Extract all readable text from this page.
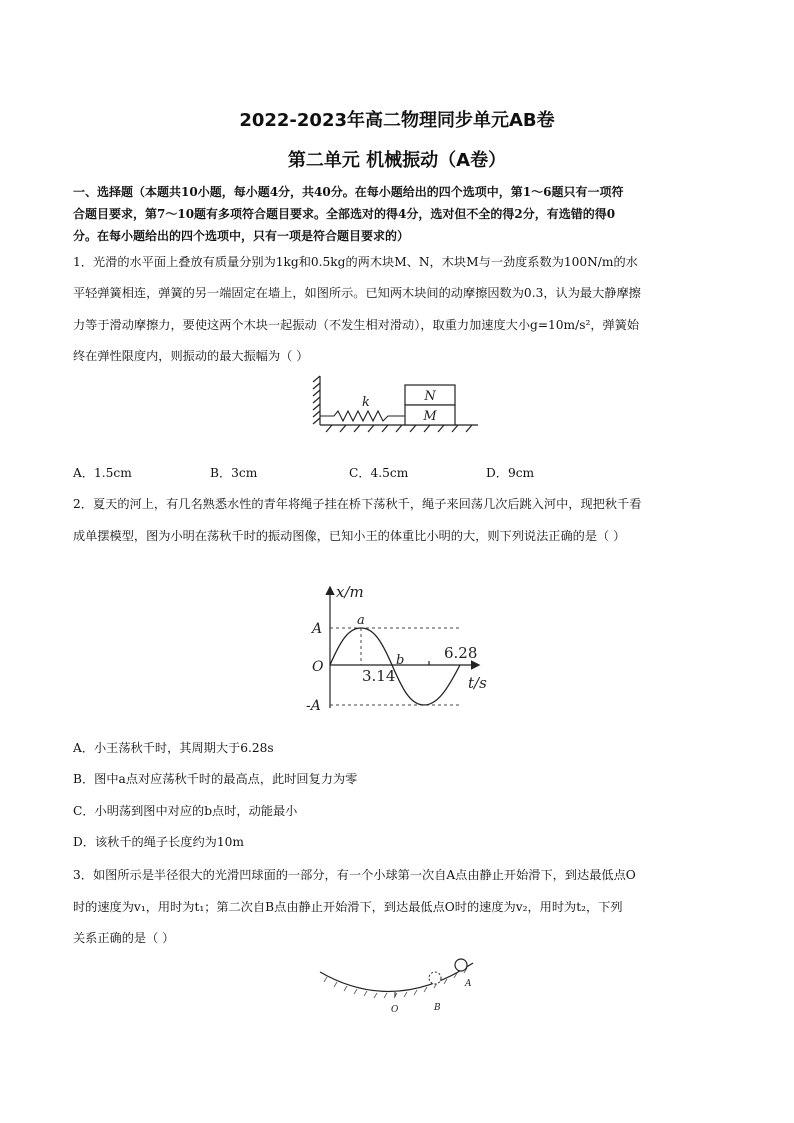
2022-2023年高二物理同步单元AB卷
第二单元 机械振动（A卷）
一、选择题（本题共10小题，每小题4分，共40分。在每小题给出的四个选项中，第1～6题只有一项符
合题目要求，第7～10题有多项符合题目要求。全部选对的得4分，选对但不全的得2分，有选错的得0
分。在每小题给出的四个选项中，只有一项是符合题目要求的）
1．光滑的水平面上叠放有质量分别为1kg和0.5kg的两木块M、N，木块M与一劲度系数为100N/m的水
平轻弹簧相连，弹簧的另一端固定在墙上，如图所示。已知两木块间的动摩擦因数为0.3，认为最大静摩擦
力等于滑动摩擦力，要使这两个木块一起振动（不发生相对滑动），取重力加速度大小g=10m/s²，弹簧始
终在弹性限度内，则振动的最大振幅为（ ）
k	N
M
A．1.5cm	B．3cm	C．4.5cm	D．9cm
2．夏天的河上，有几名熟悉水性的青年将绳子挂在桥下荡秋千，绳子来回荡几次后跳入河中，现把秋千看
成单摆模型，图为小明在荡秋千时的振动图像，已知小王的体重比小明的大，则下列说法正确的是（ ）
x/m
t/s
O
A
-A
a
b
3.14
6.28
A．小王荡秋千时，其周期大于6.28s
B．图中a点对应荡秋千时的最高点，此时回复力为零
C．小明荡到图中对应的b点时，动能最小
D．该秋千的绳子长度约为10m
3．如图所示是半径很大的光滑凹球面的一部分，有一个小球第一次自A点由静止开始滑下，到达最低点O
时的速度为v₁，用时为t₁；第二次自B点由静止开始滑下，到达最低点O时的速度为v₂，用时为t₂，下列
关系正确的是（ ）
O	B
A
